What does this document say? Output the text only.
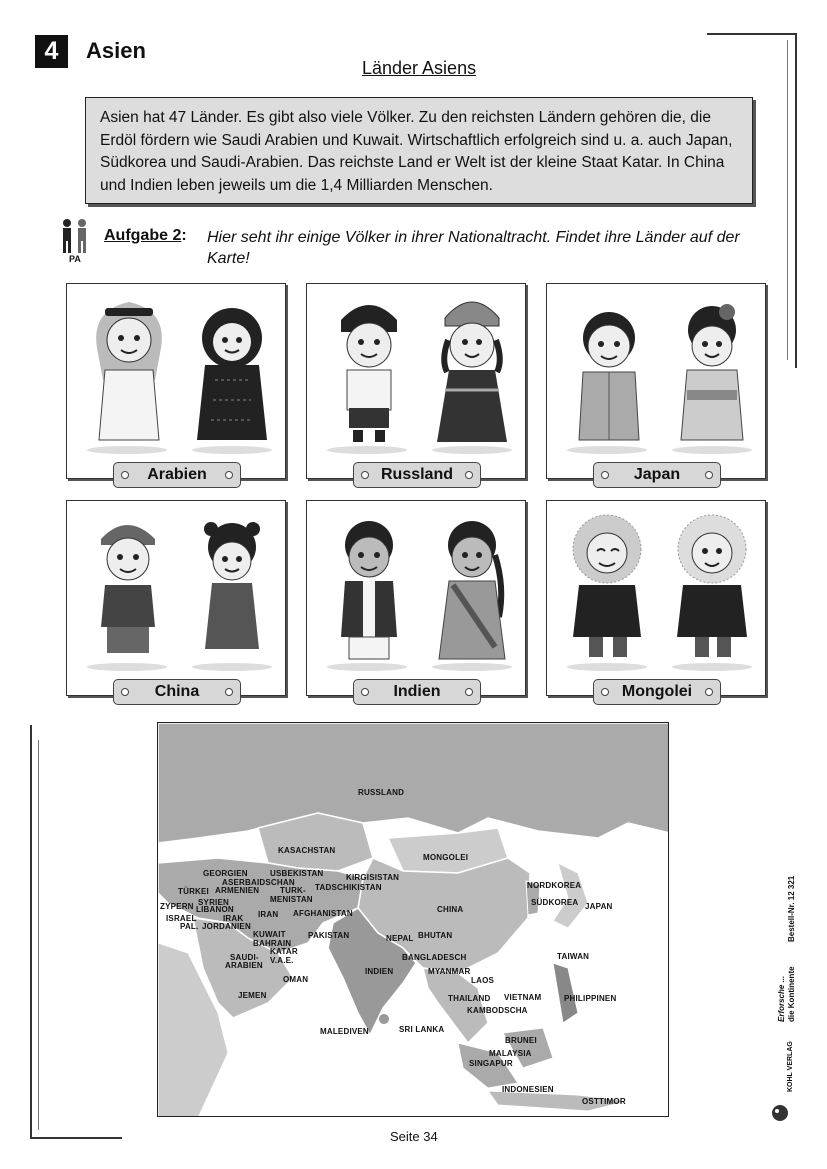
4	Asien
Länder Asiens
Asien hat 47 Länder. Es gibt also viele Völker. Zu den reichsten Ländern gehören die, die Erdöl fördern wie Saudi Arabien und Kuwait. Wirtschaftlich erfolgreich sind u. a. auch Japan, Südkorea und Saudi-Arabien. Das reichste Land er Welt ist der kleine Staat Katar. In China und Indien leben jeweils um die 1,4 Milliarden Menschen.
PA
Aufgabe 2: Hier seht ihr einige Völker in ihrer Nationaltracht. Findet ihre Länder auf der Karte!
Arabien	Russland	Japan
China	Indien	Mongolei
RUSSLAND
KASACHSTAN
MONGOLEI
GEORGIEN	USBEKISTAN	KIRGISISTAN
ASERBAIDSCHAN
ARMENIEN
TÜRKEI	TURK-
MENISTAN
TADSCHIKISTAN
ZYPERN SYRIEN
LIBANON
ISRAEL	IRAK IRAN AFGHANISTAN
PAL. JORDANIEN
KUWAIT
BAHRAIN
KATAR
SAUDI-
ARABIEN
V.A.E.
OMAN
JEMEN
PAKISTAN	NEPAL BHUTAN
INDIEN
BANGLADESCH
MYANMAR
CHINA
NORDKOREA
SÜDKOREA JAPAN
TAIWAN
LAOS
THAILAND VIETNAM
KAMBODSCHA
PHILIPPINEN
MALEDIVEN	SRI LANKA
BRUNEI
MALAYSIA
SINGAPUR
INDONESIEN
OSTTIMOR
Erforsche ... die Kontinente
Bestell-Nr. 12 321
KOHL VERLAG
Seite 34
